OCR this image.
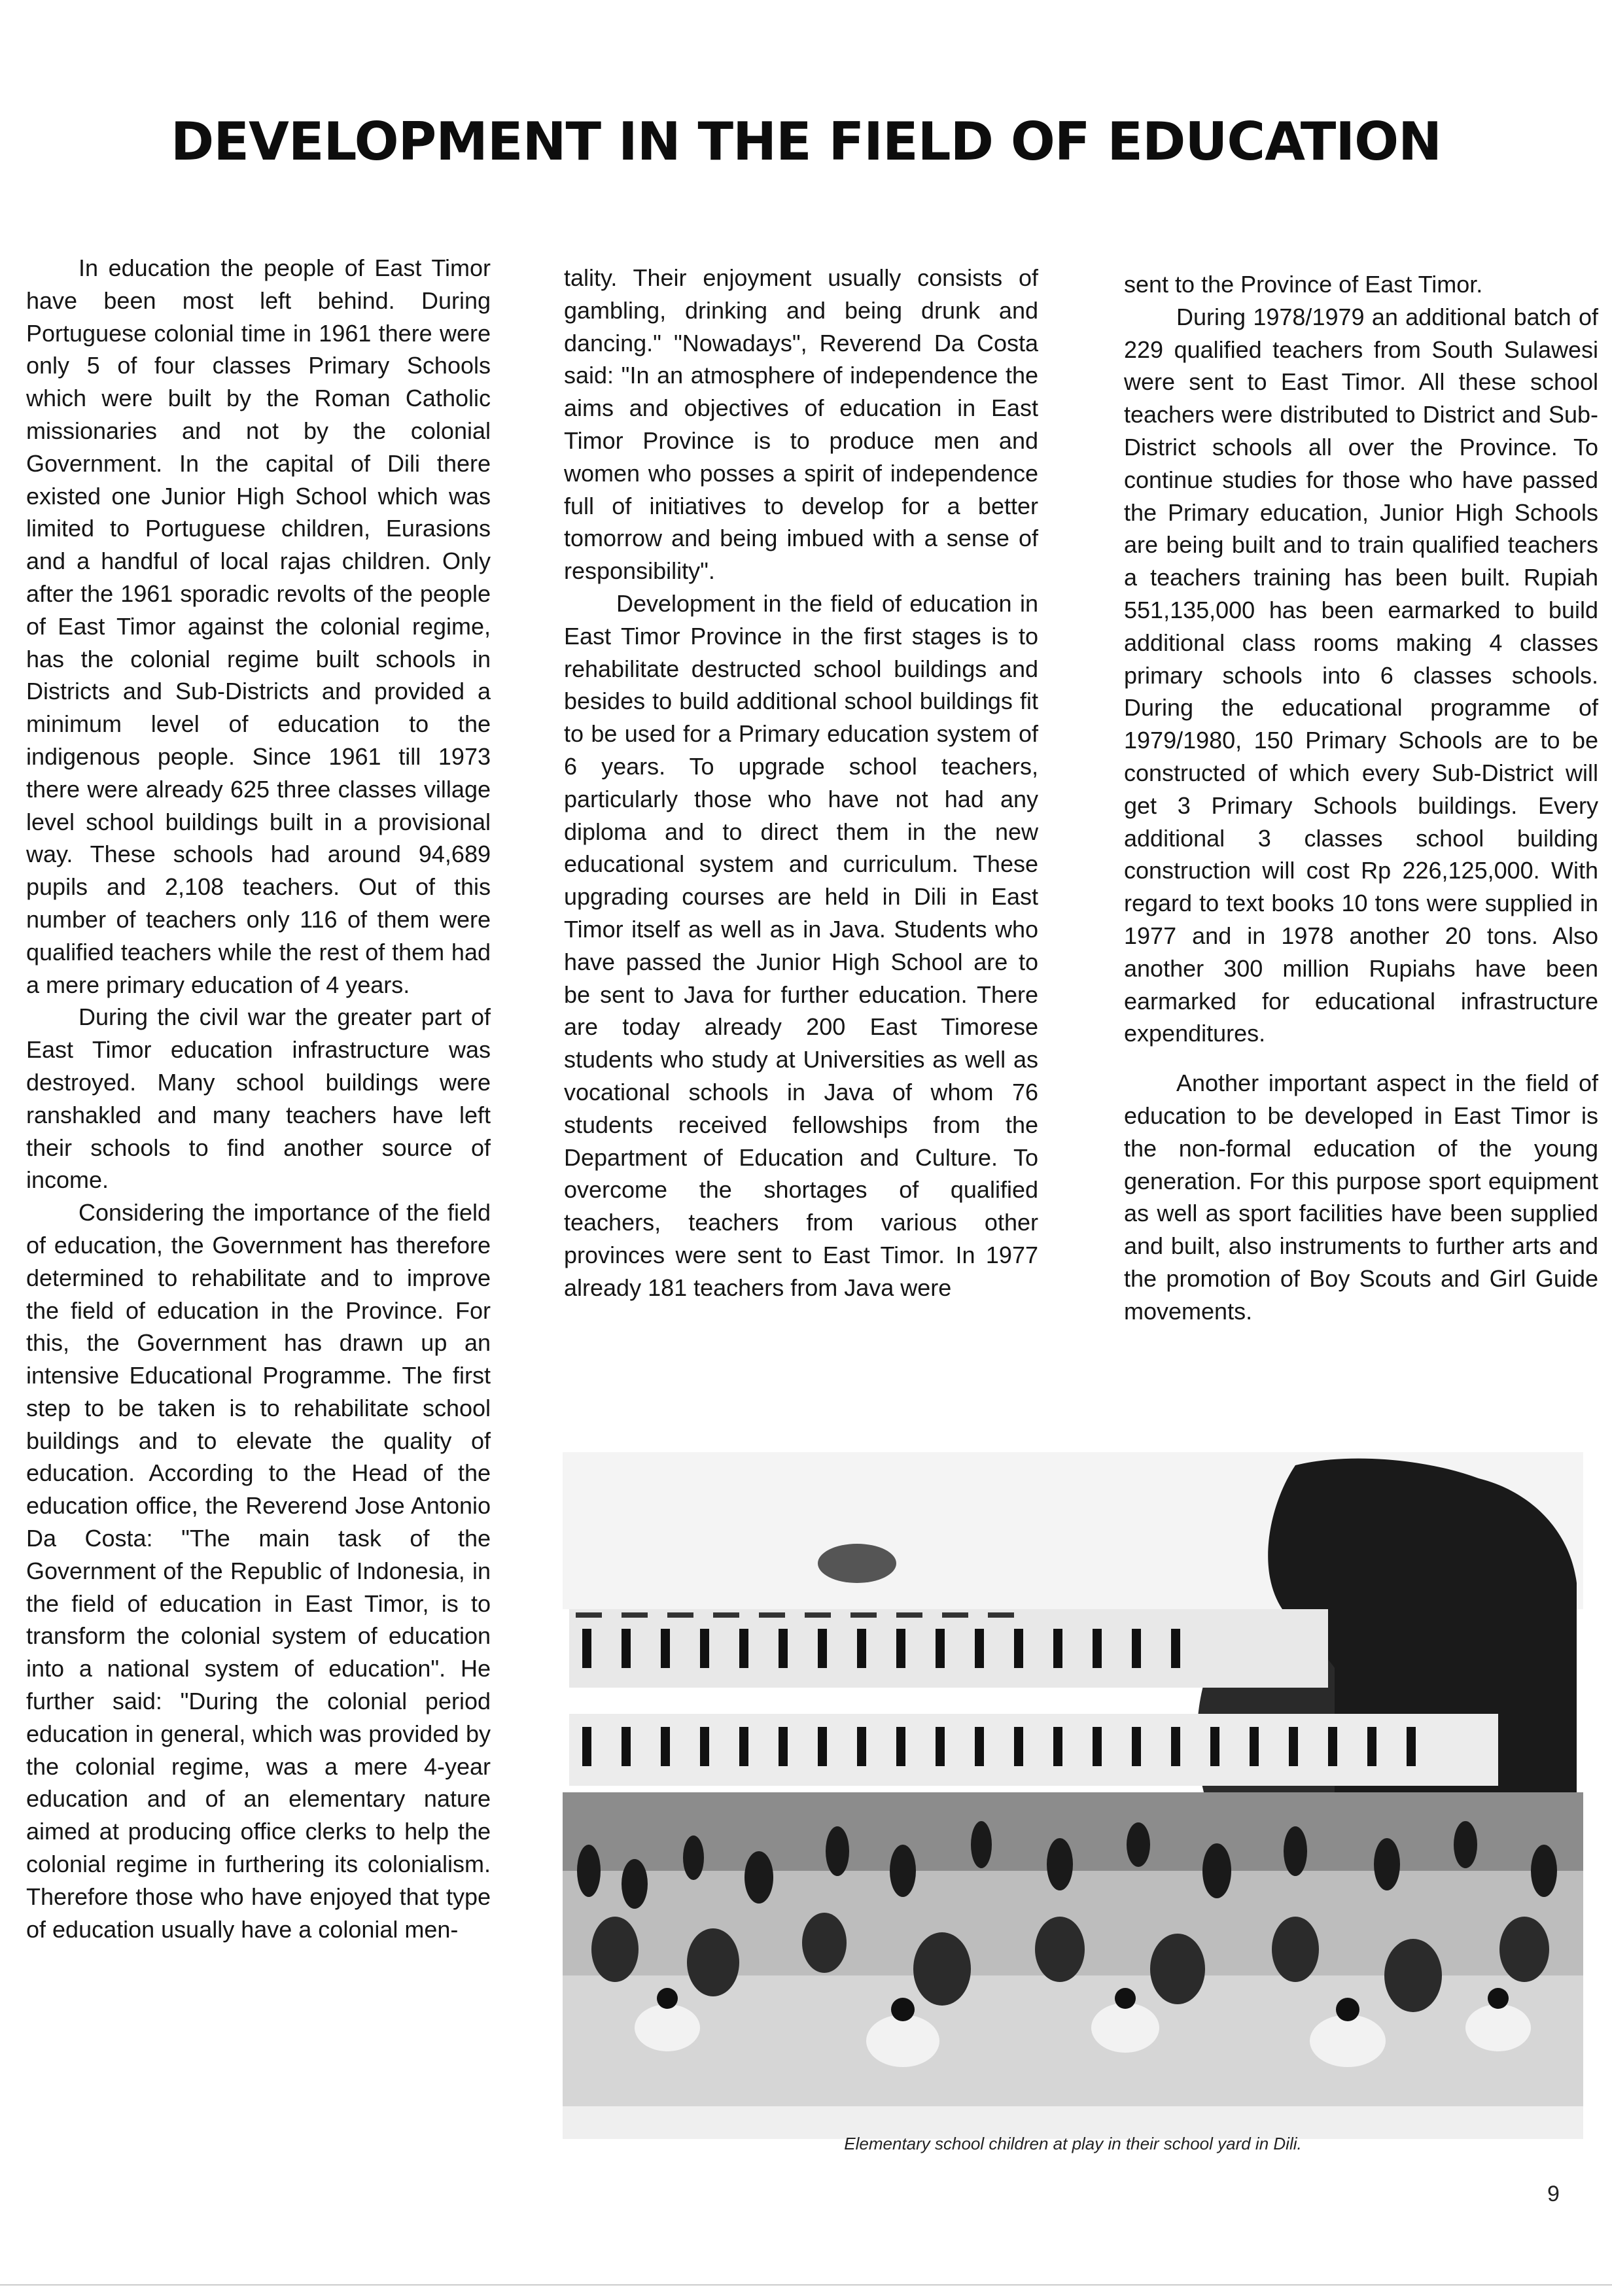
DEVELOPMENT IN THE FIELD OF EDUCATION

In education the people of East Timor have been most left behind. During Portuguese colonial time in 1961 there were only 5 of four classes Primary Schools which were built by the Roman Catholic missionaries and not by the colonial Government. In the capital of Dili there existed one Junior High School which was limited to Portuguese children, Eurasions and a handful of local rajas children. Only after the 1961 sporadic revolts of the people of East Timor against the colonial regime, has the colonial regime built schools in Districts and Sub-Districts and provided a minimum level of education to the indigenous people. Since 1961 till 1973 there were already 625 three classes village level school buildings built in a provisional way. These schools had around 94,689 pupils and 2,108 teachers. Out of this number of teachers only 116 of them were qualified teachers while the rest of them had a mere primary education of 4 years.

During the civil war the greater part of East Timor education infrastructure was destroyed. Many school buildings were ranshakled and many teachers have left their schools to find another source of income.

Considering the importance of the field of education, the Government has therefore determined to rehabilitate and to improve the field of education in the Province. For this, the Government has drawn up an intensive Educational Programme. The first step to be taken is to rehabilitate school buildings and to elevate the quality of education. According to the Head of the education office, the Reverend Jose Antonio Da Costa: "The main task of the Government of the Republic of Indonesia, in the field of education in East Timor, is to transform the colonial system of education into a national system of education". He further said: "During the colonial period education in general, which was provided by the colonial regime, was a mere 4-year education and of an elementary nature aimed at producing office clerks to help the colonial regime in furthering its colonialism. Therefore those who have enjoyed that type of education usually have a colonial men-

tality. Their enjoyment usually consists of gambling, drinking and being drunk and dancing." "Nowadays", Reverend Da Costa said: "In an atmosphere of independence the aims and objectives of education in East Timor Province is to produce men and women who posses a spirit of independence full of initiatives to develop for a better tomorrow and being imbued with a sense of responsibility".

Development in the field of education in East Timor Province in the first stages is to rehabilitate destructed school buildings and besides to build additional school buildings fit to be used for a Primary education system of 6 years. To upgrade school teachers, particularly those who have not had any diploma and to direct them in the new educational system and curriculum. These upgrading courses are held in Dili in East Timor itself as well as in Java. Students who have passed the Junior High School are to be sent to Java for further education. There are today already 200 East Timorese students who study at Universities as well as vocational schools in Java of whom 76 students received fellowships from the Department of Education and Culture. To overcome the shortages of qualified teachers, teachers from various other provinces were sent to East Timor. In 1977 already 181 teachers from Java were

sent to the Province of East Timor.

During 1978/1979 an additional batch of 229 qualified teachers from South Sulawesi were sent to East Timor. All these school teachers were distributed to District and Sub-District schools all over the Province. To continue studies for those who have passed the Primary education, Junior High Schools are being built and to train qualified teachers a teachers training has been built. Rupiah 551,135,000 has been earmarked to build additional class rooms making 4 classes primary schools into 6 classes schools. During the educational programme of 1979/1980, 150 Primary Schools are to be constructed of which every Sub-District will get 3 Primary Schools buildings. Every additional 3 classes school building construction will cost Rp 226,125,000. With regard to text books 10 tons were supplied in 1977 and in 1978 another 20 tons. Also another 300 million Rupiahs have been earmarked for educational infrastructure expenditures.

Another important aspect in the field of education to be developed in East Timor is the non-formal education of the young generation. For this purpose sport equipment as well as sport facilities have been supplied and built, also instruments to further arts and the promotion of Boy Scouts and Girl Guide movements.

Elementary school children at play in their school yard in Dili.

9
